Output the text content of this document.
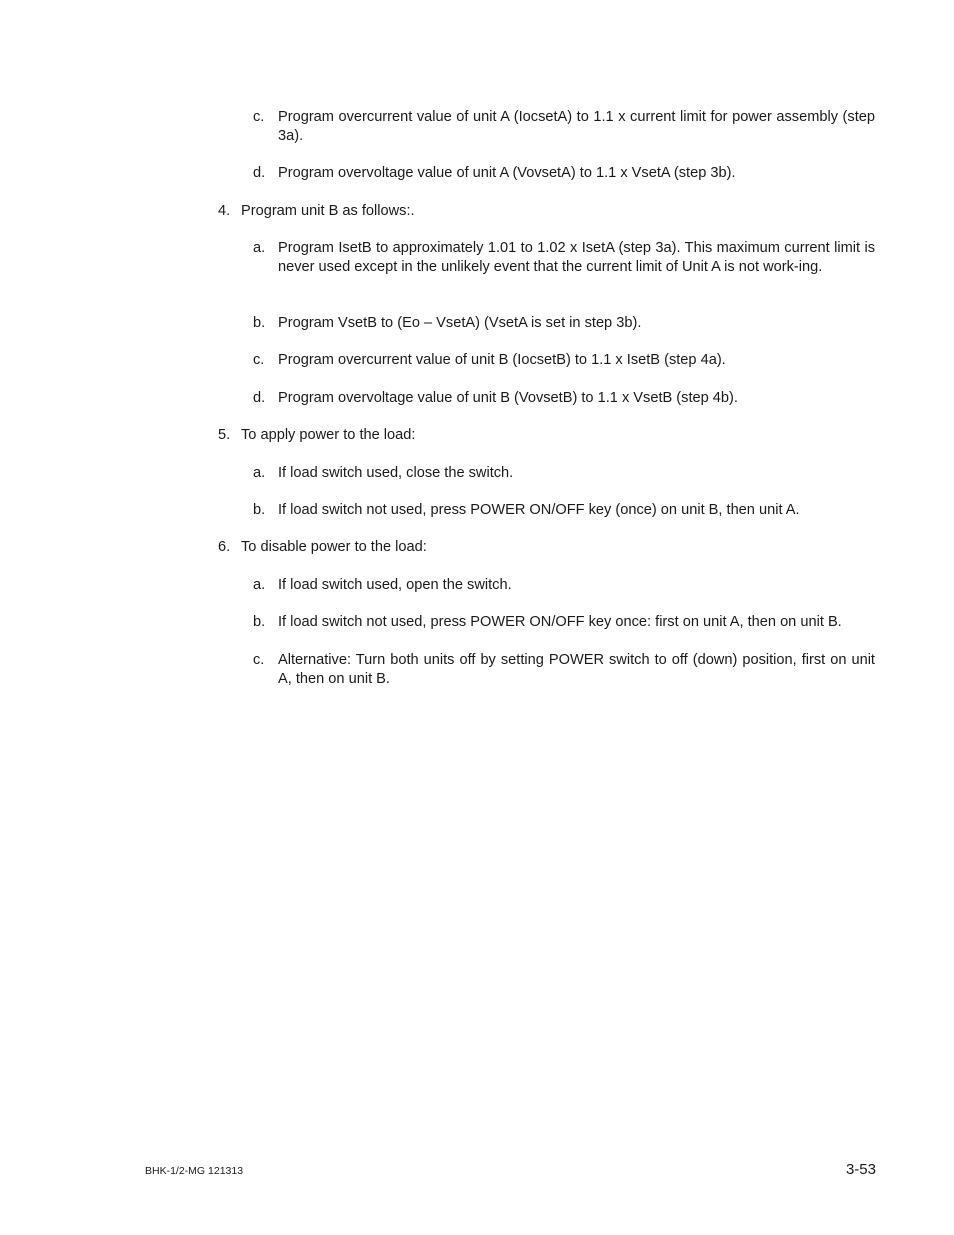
c. Program overcurrent value of unit A (IocsetA) to 1.1 x current limit for power assembly (step 3a).
d. Program overvoltage value of unit A (VovsetA) to 1.1 x VsetA (step 3b).
4. Program unit B as follows:.
a. Program IsetB to approximately 1.01 to 1.02 x IsetA (step 3a). This maximum current limit is never used except in the unlikely event that the current limit of Unit A is not work-ing.
b. Program VsetB to (Eo – VsetA) (VsetA is set in step 3b).
c. Program overcurrent value of unit B (IocsetB) to 1.1 x IsetB (step 4a).
d. Program overvoltage value of unit B (VovsetB) to 1.1 x VsetB (step 4b).
5. To apply power to the load:
a. If load switch used, close the switch.
b. If load switch not used, press POWER ON/OFF key (once) on unit B, then unit A.
6. To disable power to the load:
a. If load switch used, open the switch.
b. If load switch not used, press POWER ON/OFF key once: first on unit A, then on unit B.
c. Alternative: Turn both units off by setting POWER switch to off (down) position, first on unit A, then on unit B.
BHK-1/2-MG 121313	3-53
